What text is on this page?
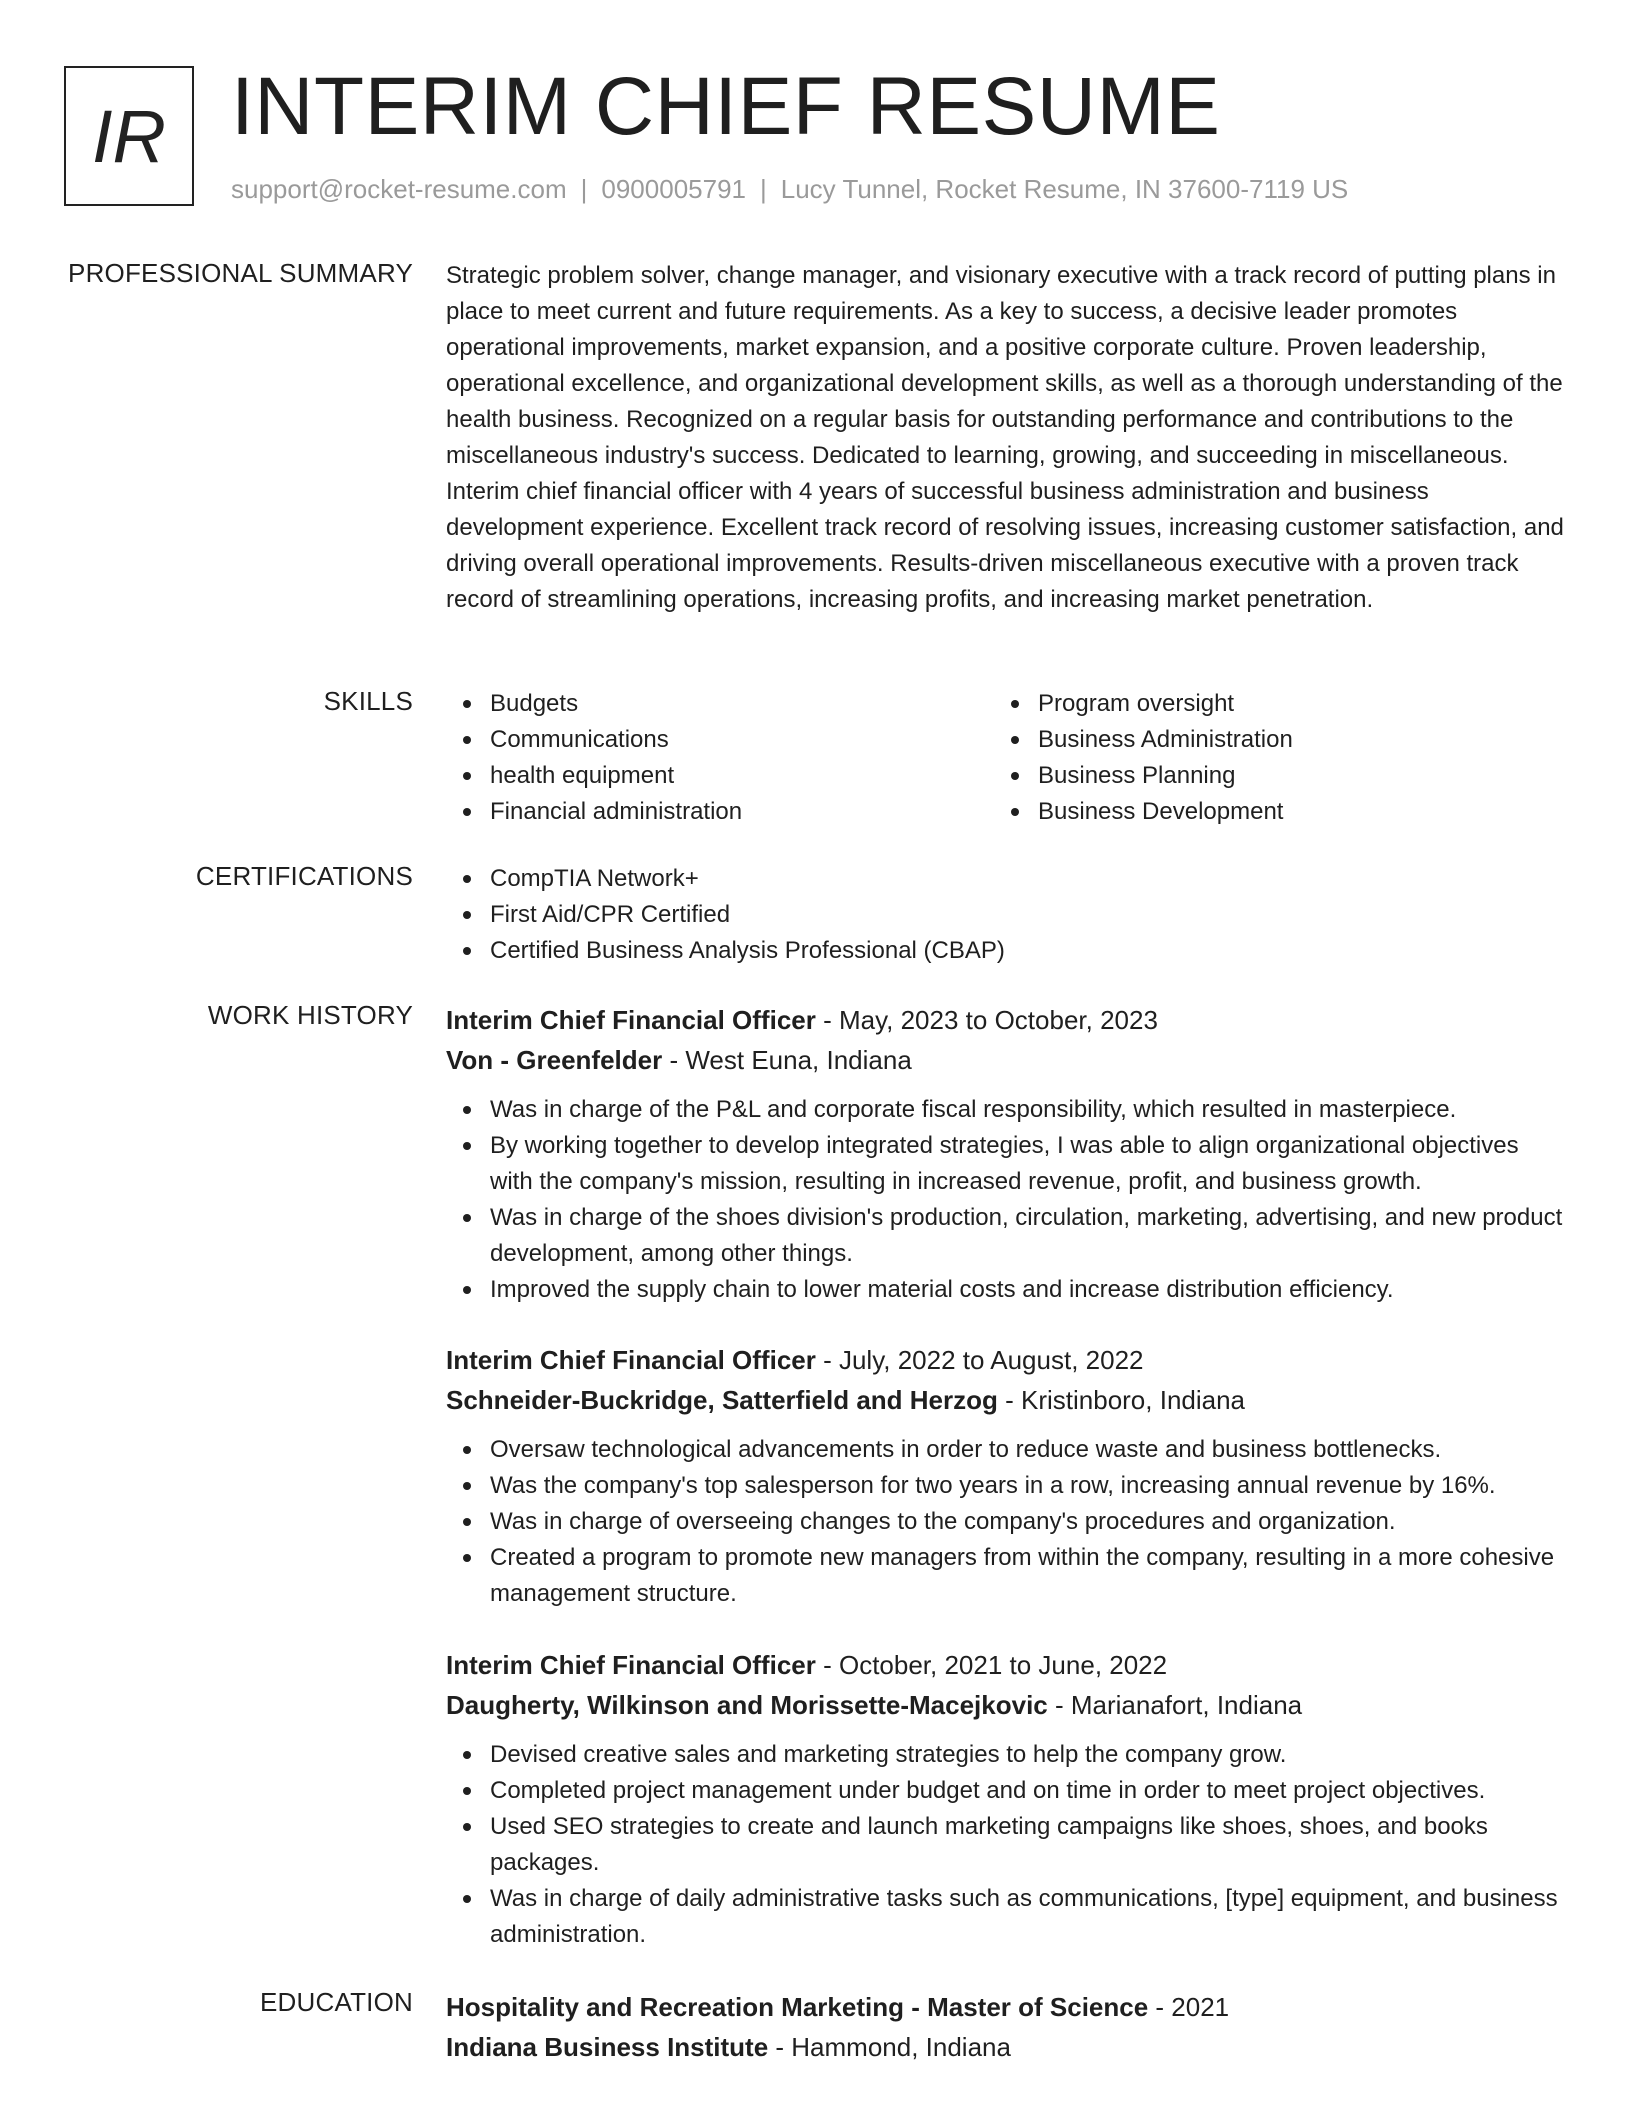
IR INTERIM CHIEF RESUME
support@rocket-resume.com | 0900005791 | Lucy Tunnel, Rocket Resume, IN 37600-7119 US
PROFESSIONAL SUMMARY Strategic problem solver, change manager, and visionary executive with a track record of putting plans in place to meet current and future requirements. As a key to success, a decisive leader promotes operational improvements, market expansion, and a positive corporate culture. Proven leadership, operational excellence, and organizational development skills, as well as a thorough understanding of the health business. Recognized on a regular basis for outstanding performance and contributions to the miscellaneous industry's success. Dedicated to learning, growing, and succeeding in miscellaneous. Interim chief financial officer with 4 years of successful business administration and business development experience. Excellent track record of resolving issues, increasing customer satisfaction, and driving overall operational improvements. Results-driven miscellaneous executive with a proven track record of streamlining operations, increasing profits, and increasing market penetration.

SKILLS	Budgets
Communications
health equipment
Financial administration
Program oversight
Business Administration
Business Planning
Business Development
CERTIFICATIONS	CompTIA Network+
First Aid/CPR Certified
Certified Business Analysis Professional (CBAP)
WORK HISTORY Interim Chief Financial Officer - May, 2023 to October, 2023
Von - Greenfelder - West Euna, Indiana
Was in charge of the P&L and corporate fiscal responsibility, which resulted in masterpiece.
By working together to develop integrated strategies, I was able to align organizational objectives with the company's mission, resulting in increased revenue, profit, and business growth.
Was in charge of the shoes division's production, circulation, marketing, advertising, and new product development, among other things.
Improved the supply chain to lower material costs and increase distribution efficiency.
Interim Chief Financial Officer - July, 2022 to August, 2022
Schneider-Buckridge, Satterfield and Herzog - Kristinboro, Indiana
Oversaw technological advancements in order to reduce waste and business bottlenecks.
Was the company's top salesperson for two years in a row, increasing annual revenue by 16%.
Was in charge of overseeing changes to the company's procedures and organization.
Created a program to promote new managers from within the company, resulting in a more cohesive management structure.
Interim Chief Financial Officer - October, 2021 to June, 2022
Daugherty, Wilkinson and Morissette-Macejkovic - Marianafort, Indiana
Devised creative sales and marketing strategies to help the company grow.
Completed project management under budget and on time in order to meet project objectives.
Used SEO strategies to create and launch marketing campaigns like shoes, shoes, and books packages.
Was in charge of daily administrative tasks such as communications, [type] equipment, and business administration.
EDUCATION Hospitality and Recreation Marketing - Master of Science - 2021
Indiana Business Institute - Hammond, Indiana
